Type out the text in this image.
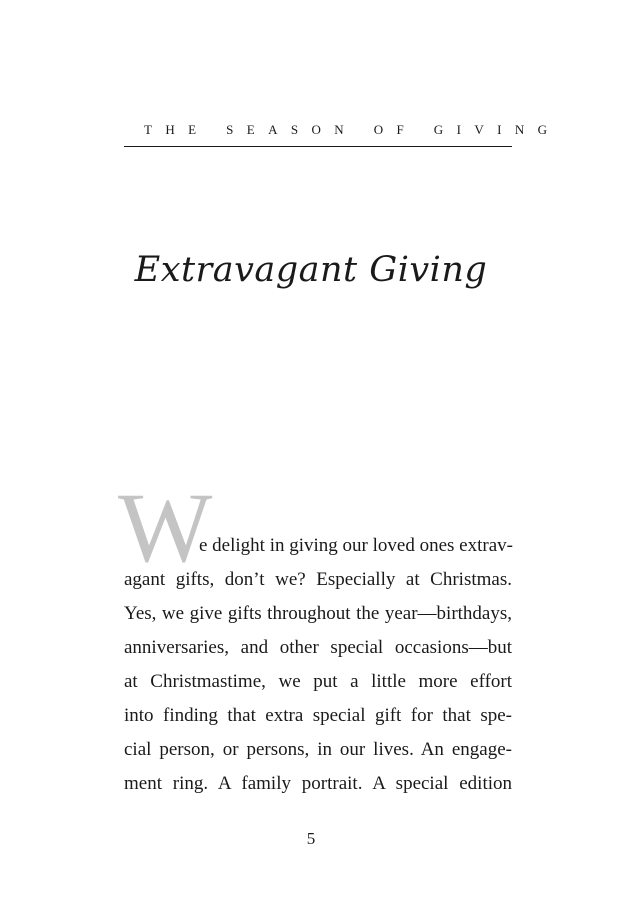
THE SEASON OF GIVING
Extravagant Giving
W
e delight in giving our loved ones extrav-
agant gifts, don’t we? Especially at Christmas.
Yes, we give gifts throughout the year—birthdays,
anniversaries, and other special occasions—but
at Christmastime, we put a little more effort
into finding that extra special gift for that spe-
cial person, or persons, in our lives. An engage-
ment ring. A family portrait. A special edition
5
